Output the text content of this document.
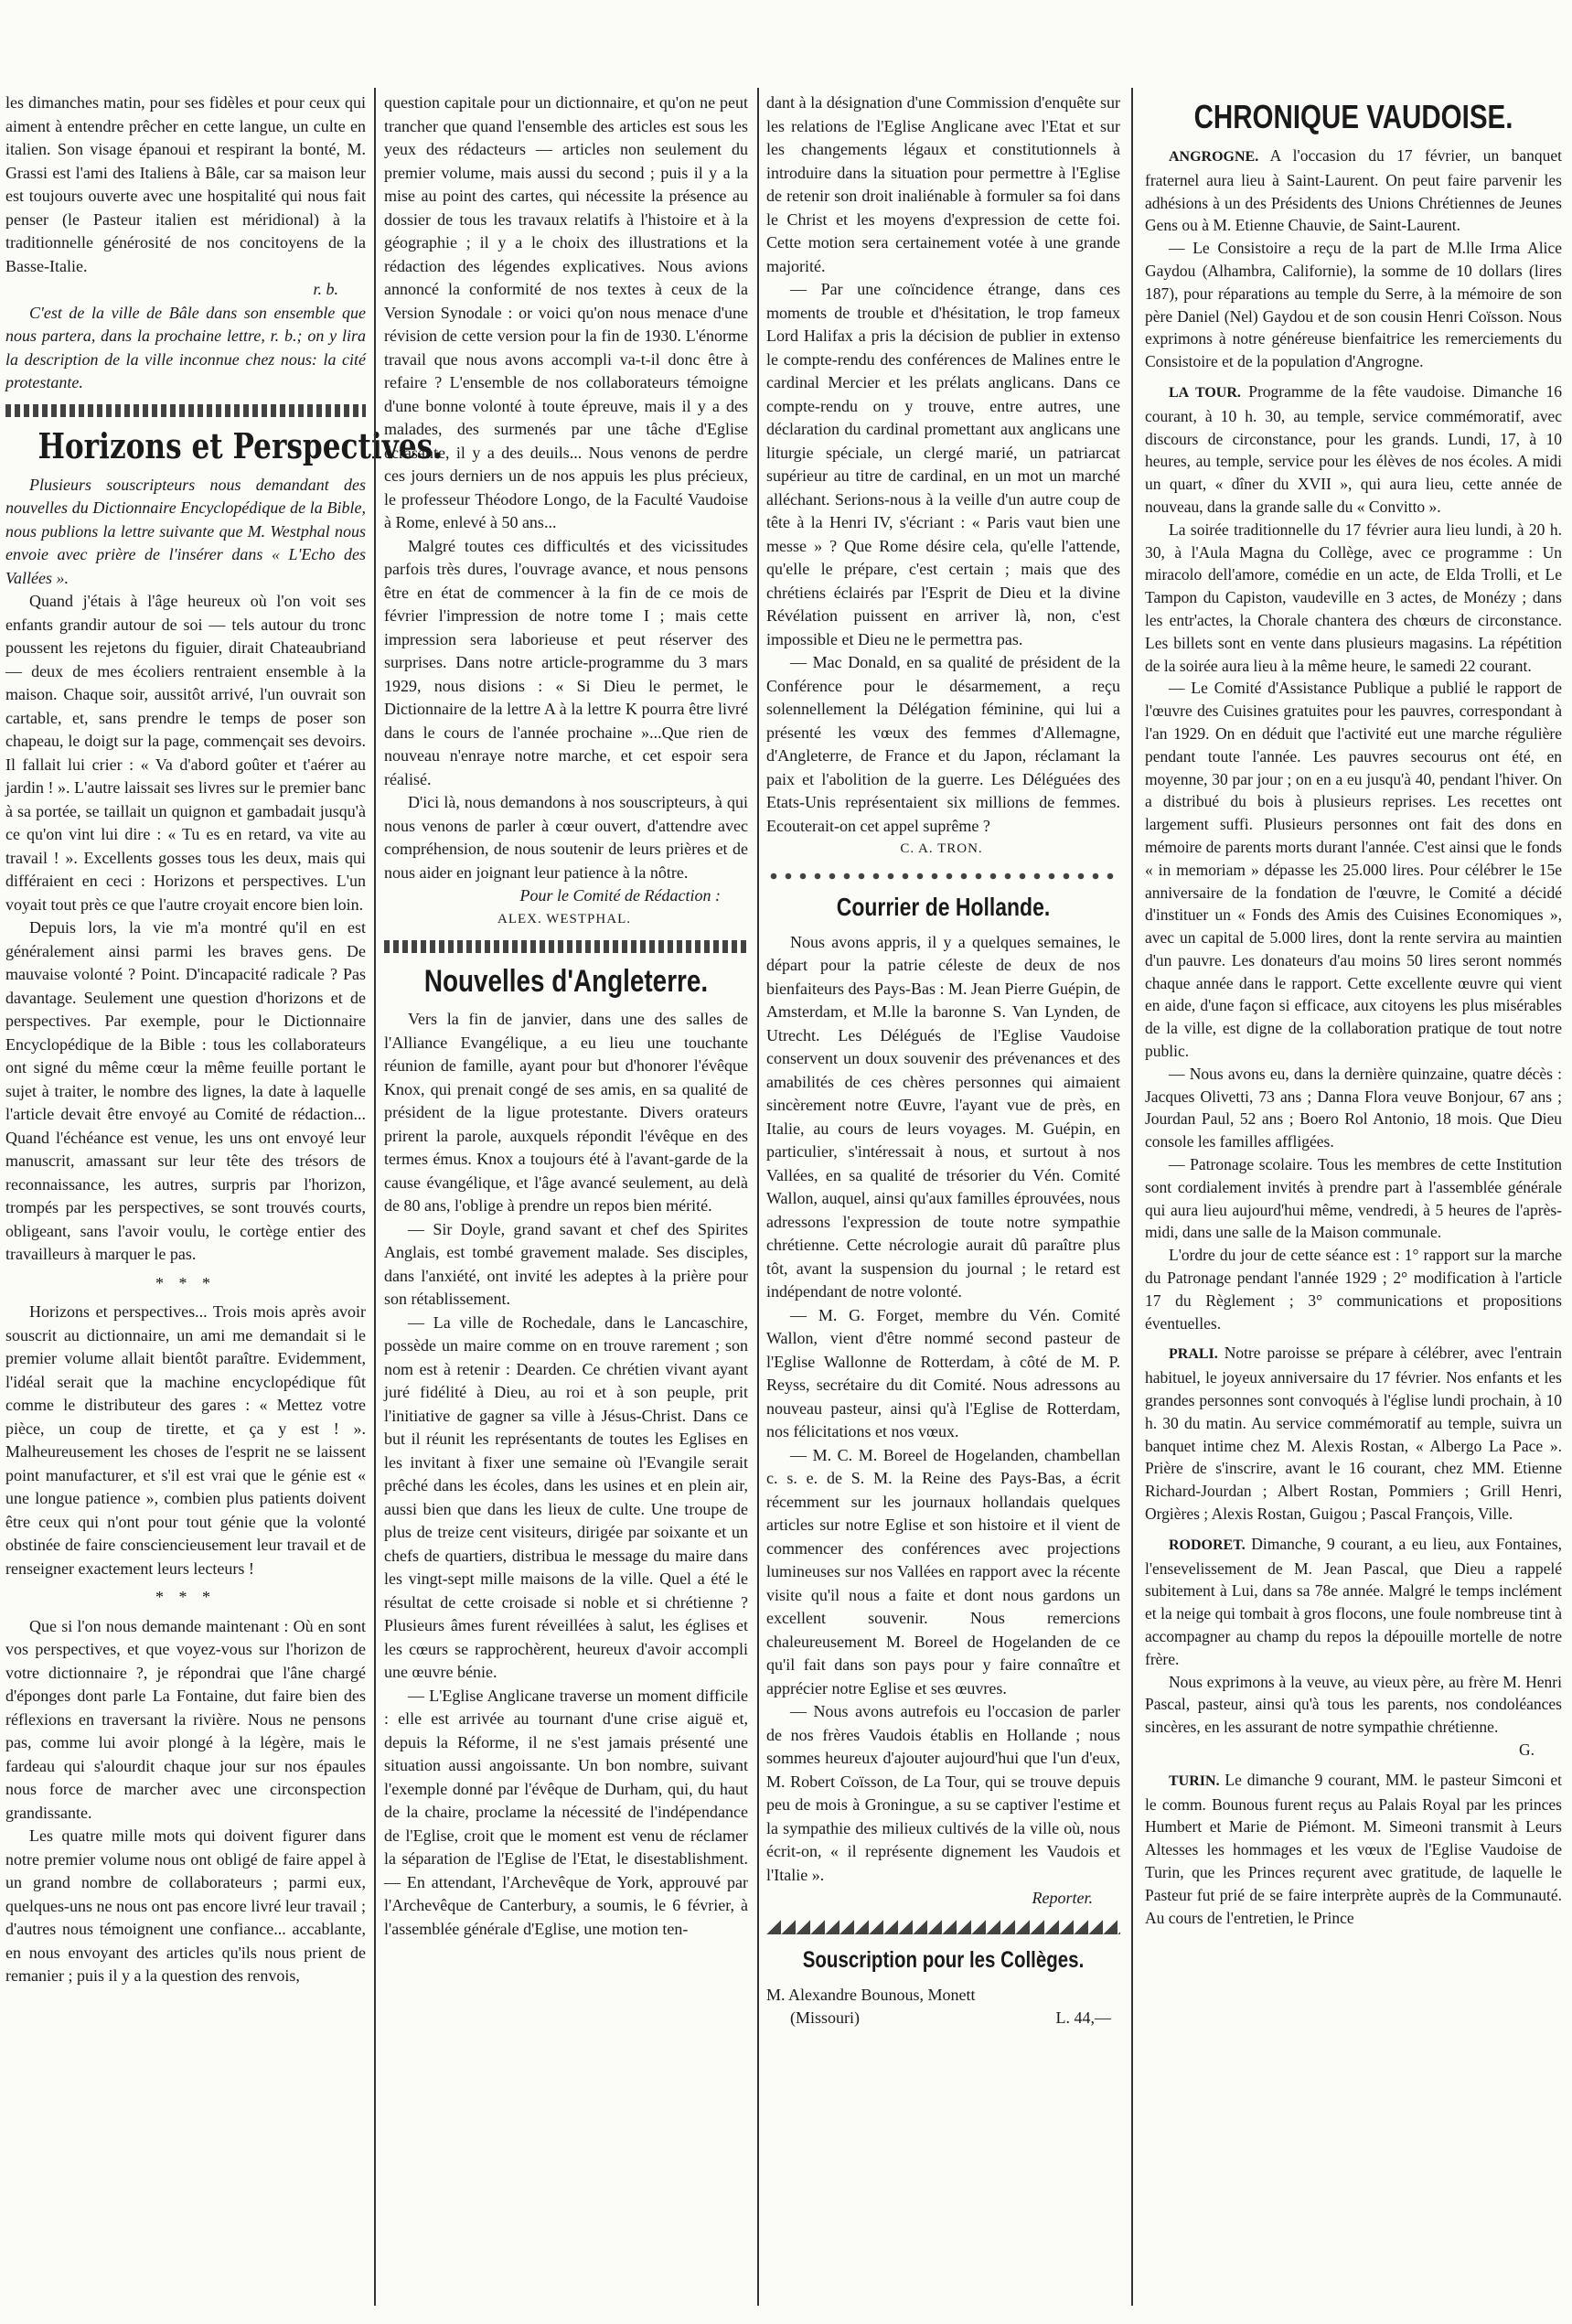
les dimanches matin, pour ses fidèles et pour ceux qui aiment à entendre prêcher en cette langue, un culte en italien. Son visage épanoui et respirant la bonté, M. Grassi est l'ami des Italiens à Bâle, car sa maison leur est toujours ouverte avec une hospitalité qui nous fait penser (le Pasteur italien est méridional) à la traditionnelle générosité de nos concitoyens de la Basse-Italie.

r. b.

C'est de la ville de Bâle dans son ensemble que nous partera, dans la prochaine lettre, r. b.; on y lira la description de la ville inconnue chez nous: la cité protestante.

Horizons et Perspectives.

Plusieurs souscripteurs nous demandant des nouvelles du Dictionnaire Encyclopédique de la Bible, nous publions la lettre suivante que M. Westphal nous envoie avec prière de l'insérer dans « L'Echo des Vallées ».

Quand j'étais à l'âge heureux où l'on voit ses enfants grandir autour de soi — tels autour du tronc poussent les rejetons du figuier, dirait Chateaubriand — deux de mes écoliers rentraient ensemble à la maison. Chaque soir, aussitôt arrivé, l'un ouvrait son cartable, et, sans prendre le temps de poser son chapeau, le doigt sur la page, commençait ses devoirs. Il fallait lui crier : « Va d'abord goûter et t'aérer au jardin ! ». L'autre laissait ses livres sur le premier banc à sa portée, se taillait un quignon et gambadait jusqu'à ce qu'on vint lui dire : « Tu es en retard, va vite au travail ! ». Excellents gosses tous les deux, mais qui différaient en ceci : Horizons et perspectives. L'un voyait tout près ce que l'autre croyait encore bien loin.

Depuis lors, la vie m'a montré qu'il en est généralement ainsi parmi les braves gens. De mauvaise volonté ? Point. D'incapacité radicale ? Pas davantage. Seulement une question d'horizons et de perspectives. Par exemple, pour le Dictionnaire Encyclopédique de la Bible : tous les collaborateurs ont signé du même cœur la même feuille portant le sujet à traiter, le nombre des lignes, la date à laquelle l'article devait être envoyé au Comité de rédaction... Quand l'échéance est venue, les uns ont envoyé leur manuscrit, amassant sur leur tête des trésors de reconnaissance, les autres, surpris par l'horizon, trompés par les perspectives, se sont trouvés courts, obligeant, sans l'avoir voulu, le cortège entier des travailleurs à marquer le pas.

* * *

Horizons et perspectives... Trois mois après avoir souscrit au dictionnaire, un ami me demandait si le premier volume allait bientôt paraître. Evidemment, l'idéal serait que la machine encyclopédique fût comme le distributeur des gares : « Mettez votre pièce, un coup de tirette, et ça y est ! ». Malheureusement les choses de l'esprit ne se laissent point manufacturer, et s'il est vrai que le génie est « une longue patience », combien plus patients doivent être ceux qui n'ont pour tout génie que la volonté obstinée de faire consciencieusement leur travail et de renseigner exactement leurs lecteurs !

* * *

Que si l'on nous demande maintenant : Où en sont vos perspectives, et que voyez-vous sur l'horizon de votre dictionnaire ?, je répondrai que l'âne chargé d'éponges dont parle La Fontaine, dut faire bien des réflexions en traversant la rivière. Nous ne pensons pas, comme lui avoir plongé à la légère, mais le fardeau qui s'alourdit chaque jour sur nos épaules nous force de marcher avec une circonspection grandissante.

Les quatre mille mots qui doivent figurer dans notre premier volume nous ont obligé de faire appel à un grand nombre de collaborateurs ; parmi eux, quelques-uns ne nous ont pas encore livré leur travail ; d'autres nous témoignent une confiance... accablante, en nous envoyant des articles qu'ils nous prient de remanier ; puis il y a la question des renvois,

question capitale pour un dictionnaire, et qu'on ne peut trancher que quand l'ensemble des articles est sous les yeux des rédacteurs — articles non seulement du premier volume, mais aussi du second ; puis il y a la mise au point des cartes, qui nécessite la présence au dossier de tous les travaux relatifs à l'histoire et à la géographie ; il y a le choix des illustrations et la rédaction des légendes explicatives. Nous avions annoncé la conformité de nos textes à ceux de la Version Synodale : or voici qu'on nous menace d'une révision de cette version pour la fin de 1930. L'énorme travail que nous avons accompli va-t-il donc être à refaire ? L'ensemble de nos collaborateurs témoigne d'une bonne volonté à toute épreuve, mais il y a des malades, des surmenés par une tâche d'Eglise écrasante, il y a des deuils... Nous venons de perdre ces jours derniers un de nos appuis les plus précieux, le professeur Théodore Longo, de la Faculté Vaudoise à Rome, enlevé à 50 ans...

Malgré toutes ces difficultés et des vicissitudes parfois très dures, l'ouvrage avance, et nous pensons être en état de commencer à la fin de ce mois de février l'impression de notre tome I ; mais cette impression sera laborieuse et peut réserver des surprises. Dans notre article-programme du 3 mars 1929, nous disions : « Si Dieu le permet, le Dictionnaire de la lettre A à la lettre K pourra être livré dans le cours de l'année prochaine »...Que rien de nouveau n'enraye notre marche, et cet espoir sera réalisé.

D'ici là, nous demandons à nos souscripteurs, à qui nous venons de parler à cœur ouvert, d'attendre avec compréhension, de nous soutenir de leurs prières et de nous aider en joignant leur patience à la nôtre.

Pour le Comité de Rédaction :

ALEX. WESTPHAL.

Nouvelles d'Angleterre.

Vers la fin de janvier, dans une des salles de l'Alliance Evangélique, a eu lieu une touchante réunion de famille, ayant pour but d'honorer l'évêque Knox, qui prenait congé de ses amis, en sa qualité de président de la ligue protestante. Divers orateurs prirent la parole, auxquels répondit l'évêque en des termes émus. Knox a toujours été à l'avant-garde de la cause évangélique, et l'âge avancé seulement, au delà de 80 ans, l'oblige à prendre un repos bien mérité.

— Sir Doyle, grand savant et chef des Spirites Anglais, est tombé gravement malade. Ses disciples, dans l'anxiété, ont invité les adeptes à la prière pour son rétablissement.

— La ville de Rochedale, dans le Lancaschire, possède un maire comme on en trouve rarement ; son nom est à retenir : Dearden. Ce chrétien vivant ayant juré fidélité à Dieu, au roi et à son peuple, prit l'initiative de gagner sa ville à Jésus-Christ. Dans ce but il réunit les représentants de toutes les Eglises en les invitant à fixer une semaine où l'Evangile serait prêché dans les écoles, dans les usines et en plein air, aussi bien que dans les lieux de culte. Une troupe de plus de treize cent visiteurs, dirigée par soixante et un chefs de quartiers, distribua le message du maire dans les vingt-sept mille maisons de la ville. Quel a été le résultat de cette croisade si noble et si chrétienne ? Plusieurs âmes furent réveillées à salut, les églises et les cœurs se rapprochèrent, heureux d'avoir accompli une œuvre bénie.

— L'Eglise Anglicane traverse un moment difficile : elle est arrivée au tournant d'une crise aiguë et, depuis la Réforme, il ne s'est jamais présenté une situation aussi angoissante. Un bon nombre, suivant l'exemple donné par l'évêque de Durham, qui, du haut de la chaire, proclame la nécessité de l'indépendance de l'Eglise, croit que le moment est venu de réclamer la séparation de l'Eglise de l'Etat, le disestablishment. — En attendant, l'Archevêque de York, approuvé par l'Archevêque de Canterbury, a soumis, le 6 février, à l'assemblée générale d'Eglise, une motion ten-

dant à la désignation d'une Commission d'enquête sur les relations de l'Eglise Anglicane avec l'Etat et sur les changements légaux et constitutionnels à introduire dans la situation pour permettre à l'Eglise de retenir son droit inaliénable à formuler sa foi dans le Christ et les moyens d'expression de cette foi. Cette motion sera certainement votée à une grande majorité.

— Par une coïncidence étrange, dans ces moments de trouble et d'hésitation, le trop fameux Lord Halifax a pris la décision de publier in extenso le compte-rendu des conférences de Malines entre le cardinal Mercier et les prélats anglicans. Dans ce compte-rendu on y trouve, entre autres, une déclaration du cardinal promettant aux anglicans une liturgie spéciale, un clergé marié, un patriarcat supérieur au titre de cardinal, en un mot un marché alléchant. Serions-nous à la veille d'un autre coup de tête à la Henri IV, s'écriant : « Paris vaut bien une messe » ? Que Rome désire cela, qu'elle l'attende, qu'elle le prépare, c'est certain ; mais que des chrétiens éclairés par l'Esprit de Dieu et la divine Révélation puissent en arriver là, non, c'est impossible et Dieu ne le permettra pas.

— Mac Donald, en sa qualité de président de la Conférence pour le désarmement, a reçu solennellement la Délégation féminine, qui lui a présenté les vœux des femmes d'Allemagne, d'Angleterre, de France et du Japon, réclamant la paix et l'abolition de la guerre. Les Déléguées des Etats-Unis représentaient six millions de femmes. Ecouterait-on cet appel suprême ?

C. A. TRON.

Courrier de Hollande.

Nous avons appris, il y a quelques semaines, le départ pour la patrie céleste de deux de nos bienfaiteurs des Pays-Bas : M. Jean Pierre Guépin, de Amsterdam, et M.lle la baronne S. Van Lynden, de Utrecht. Les Délégués de l'Eglise Vaudoise conservent un doux souvenir des prévenances et des amabilités de ces chères personnes qui aimaient sincèrement notre Œuvre, l'ayant vue de près, en Italie, au cours de leurs voyages. M. Guépin, en particulier, s'intéressait à nous, et surtout à nos Vallées, en sa qualité de trésorier du Vén. Comité Wallon, auquel, ainsi qu'aux familles éprouvées, nous adressons l'expression de toute notre sympathie chrétienne. Cette nécrologie aurait dû paraître plus tôt, avant la suspension du journal ; le retard est indépendant de notre volonté.

— M. G. Forget, membre du Vén. Comité Wallon, vient d'être nommé second pasteur de l'Eglise Wallonne de Rotterdam, à côté de M. P. Reyss, secrétaire du dit Comité. Nous adressons au nouveau pasteur, ainsi qu'à l'Eglise de Rotterdam, nos félicitations et nos vœux.

— M. C. M. Boreel de Hogelanden, chambellan c. s. e. de S. M. la Reine des Pays-Bas, a écrit récemment sur les journaux hollandais quelques articles sur notre Eglise et son histoire et il vient de commencer des conférences avec projections lumineuses sur nos Vallées en rapport avec la récente visite qu'il nous a faite et dont nous gardons un excellent souvenir. Nous remercions chaleureusement M. Boreel de Hogelanden de ce qu'il fait dans son pays pour y faire connaître et apprécier notre Eglise et ses œuvres.

— Nous avons autrefois eu l'occasion de parler de nos frères Vaudois établis en Hollande ; nous sommes heureux d'ajouter aujourd'hui que l'un d'eux, M. Robert Coïsson, de La Tour, qui se trouve depuis peu de mois à Groningue, a su se captiver l'estime et la sympathie des milieux cultivés de la ville où, nous écrit-on, « il représente dignement les Vaudois et l'Italie ».

Reporter.

Souscription pour les Collèges.

M. Alexandre Bounous, Monett

(Missouri)	L. 44,—
CHRONIQUE VAUDOISE.

ANGROGNE. A l'occasion du 17 février, un banquet fraternel aura lieu à Saint-Laurent. On peut faire parvenir les adhésions à un des Présidents des Unions Chrétiennes de Jeunes Gens ou à M. Etienne Chauvie, de Saint-Laurent.

— Le Consistoire a reçu de la part de M.lle Irma Alice Gaydou (Alhambra, Californie), la somme de 10 dollars (lires 187), pour réparations au temple du Serre, à la mémoire de son père Daniel (Nel) Gaydou et de son cousin Henri Coïsson. Nous exprimons à notre généreuse bienfaitrice les remerciements du Consistoire et de la population d'Angrogne.

LA TOUR. Programme de la fête vaudoise. Dimanche 16 courant, à 10 h. 30, au temple, service commémoratif, avec discours de circonstance, pour les grands. Lundi, 17, à 10 heures, au temple, service pour les élèves de nos écoles. A midi un quart, « dîner du XVII », qui aura lieu, cette année de nouveau, dans la grande salle du « Convitto ».

La soirée traditionnelle du 17 février aura lieu lundi, à 20 h. 30, à l'Aula Magna du Collège, avec ce programme : Un miracolo dell'amore, comédie en un acte, de Elda Trolli, et Le Tampon du Capiston, vaudeville en 3 actes, de Monézy ; dans les entr'actes, la Chorale chantera des chœurs de circonstance. Les billets sont en vente dans plusieurs magasins. La répétition de la soirée aura lieu à la même heure, le samedi 22 courant.

— Le Comité d'Assistance Publique a publié le rapport de l'œuvre des Cuisines gratuites pour les pauvres, correspondant à l'an 1929. On en déduit que l'activité eut une marche régulière pendant toute l'année. Les pauvres secourus ont été, en moyenne, 30 par jour ; on en a eu jusqu'à 40, pendant l'hiver. On a distribué du bois à plusieurs reprises. Les recettes ont largement suffi. Plusieurs personnes ont fait des dons en mémoire de parents morts durant l'année. C'est ainsi que le fonds « in memoriam » dépasse les 25.000 lires. Pour célébrer le 15e anniversaire de la fondation de l'œuvre, le Comité a décidé d'instituer un « Fonds des Amis des Cuisines Economiques », avec un capital de 5.000 lires, dont la rente servira au maintien d'un pauvre. Les donateurs d'au moins 50 lires seront nommés chaque année dans le rapport. Cette excellente œuvre qui vient en aide, d'une façon si efficace, aux citoyens les plus misérables de la ville, est digne de la collaboration pratique de tout notre public.

— Nous avons eu, dans la dernière quinzaine, quatre décès : Jacques Olivetti, 73 ans ; Danna Flora veuve Bonjour, 67 ans ; Jourdan Paul, 52 ans ; Boero Rol Antonio, 18 mois. Que Dieu console les familles affligées.

— Patronage scolaire. Tous les membres de cette Institution sont cordialement invités à prendre part à l'assemblée générale qui aura lieu aujourd'hui même, vendredi, à 5 heures de l'après-midi, dans une salle de la Maison communale.

L'ordre du jour de cette séance est : 1° rapport sur la marche du Patronage pendant l'année 1929 ; 2° modification à l'article 17 du Règlement ; 3° communications et propositions éventuelles.

PRALI. Notre paroisse se prépare à célébrer, avec l'entrain habituel, le joyeux anniversaire du 17 février. Nos enfants et les grandes personnes sont convoqués à l'église lundi prochain, à 10 h. 30 du matin. Au service commémoratif au temple, suivra un banquet intime chez M. Alexis Rostan, « Albergo La Pace ». Prière de s'inscrire, avant le 16 courant, chez MM. Etienne Richard-Jourdan ; Albert Rostan, Pommiers ; Grill Henri, Orgières ; Alexis Rostan, Guigou ; Pascal François, Ville.

RODORET. Dimanche, 9 courant, a eu lieu, aux Fontaines, l'ensevelissement de M. Jean Pascal, que Dieu a rappelé subitement à Lui, dans sa 78e année. Malgré le temps inclément et la neige qui tombait à gros flocons, une foule nombreuse tint à accompagner au champ du repos la dépouille mortelle de notre frère.

Nous exprimons à la veuve, au vieux père, au frère M. Henri Pascal, pasteur, ainsi qu'à tous les parents, nos condoléances sincères, en les assurant de notre sympathie chrétienne.

G.

TURIN. Le dimanche 9 courant, MM. le pasteur Simconi et le comm. Bounous furent reçus au Palais Royal par les princes Humbert et Marie de Piémont. M. Simeoni transmit à Leurs Altesses les hommages et les vœux de l'Eglise Vaudoise de Turin, que les Princes reçurent avec gratitude, de laquelle le Pasteur fut prié de se faire interprète auprès de la Communauté. Au cours de l'entretien, le Prince
